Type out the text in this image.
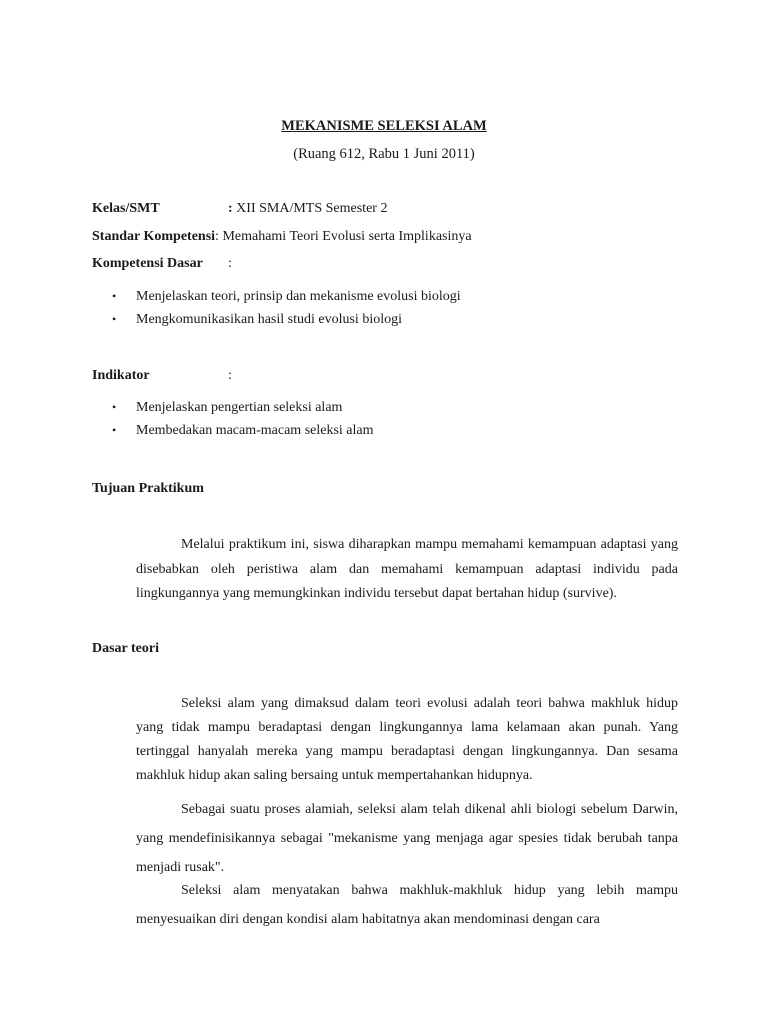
MEKANISME SELEKSI ALAM
(Ruang 612, Rabu 1 Juni 2011)
Kelas/SMT	: XII SMA/MTS Semester 2
Standar Kompetensi: Memahami Teori Evolusi serta Implikasinya
Kompetensi Dasar :
• Menjelaskan teori, prinsip dan mekanisme evolusi biologi
• Mengkomunikasikan hasil studi evolusi biologi
Indikator	:
• Menjelaskan pengertian seleksi alam
• Membedakan macam-macam seleksi alam
Tujuan Praktikum

Melalui praktikum ini, siswa diharapkan mampu memahami kemampuan adaptasi yang disebabkan oleh peristiwa alam dan memahami kemampuan adaptasi individu pada lingkungannya yang memungkinkan individu tersebut dapat bertahan hidup (survive).

Dasar teori

Seleksi alam yang dimaksud dalam teori evolusi adalah teori bahwa makhluk hidup yang tidak mampu beradaptasi dengan lingkungannya lama kelamaan akan punah. Yang tertinggal hanyalah mereka yang mampu beradaptasi dengan lingkungannya. Dan sesama makhluk hidup akan saling bersaing untuk mempertahankan hidupnya.

Sebagai suatu proses alamiah, seleksi alam telah dikenal ahli biologi sebelum Darwin, yang mendefinisikannya sebagai "mekanisme yang menjaga agar spesies tidak berubah tanpa menjadi rusak".

Seleksi alam menyatakan bahwa makhluk-makhluk hidup yang lebih mampu menyesuaikan diri dengan kondisi alam habitatnya akan mendominasi dengan cara
